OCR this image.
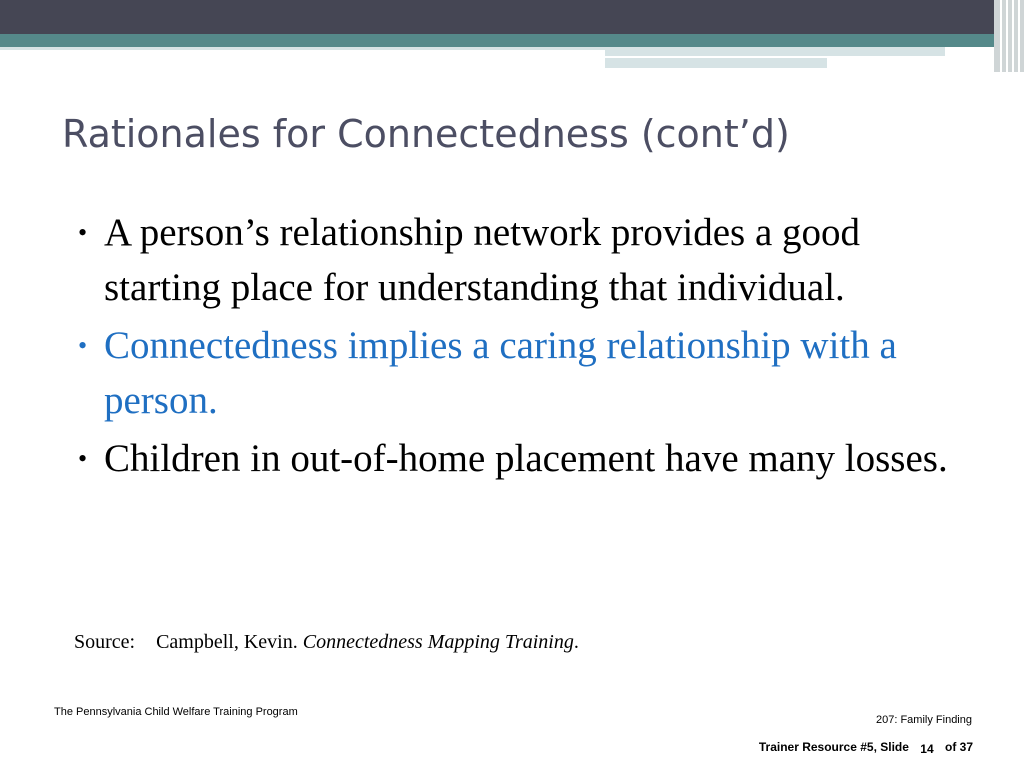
Rationales for Connectedness (cont’d)
• A person’s relationship network provides a good starting place for understanding that individual.
• Connectedness implies a caring relationship with a person.
• Children in out-of-home placement have many losses.
Source: Campbell, Kevin. Connectedness Mapping Training.
The Pennsylvania Child Welfare Training Program
207: Family Finding
Trainer Resource #5, Slide 14 of 37
